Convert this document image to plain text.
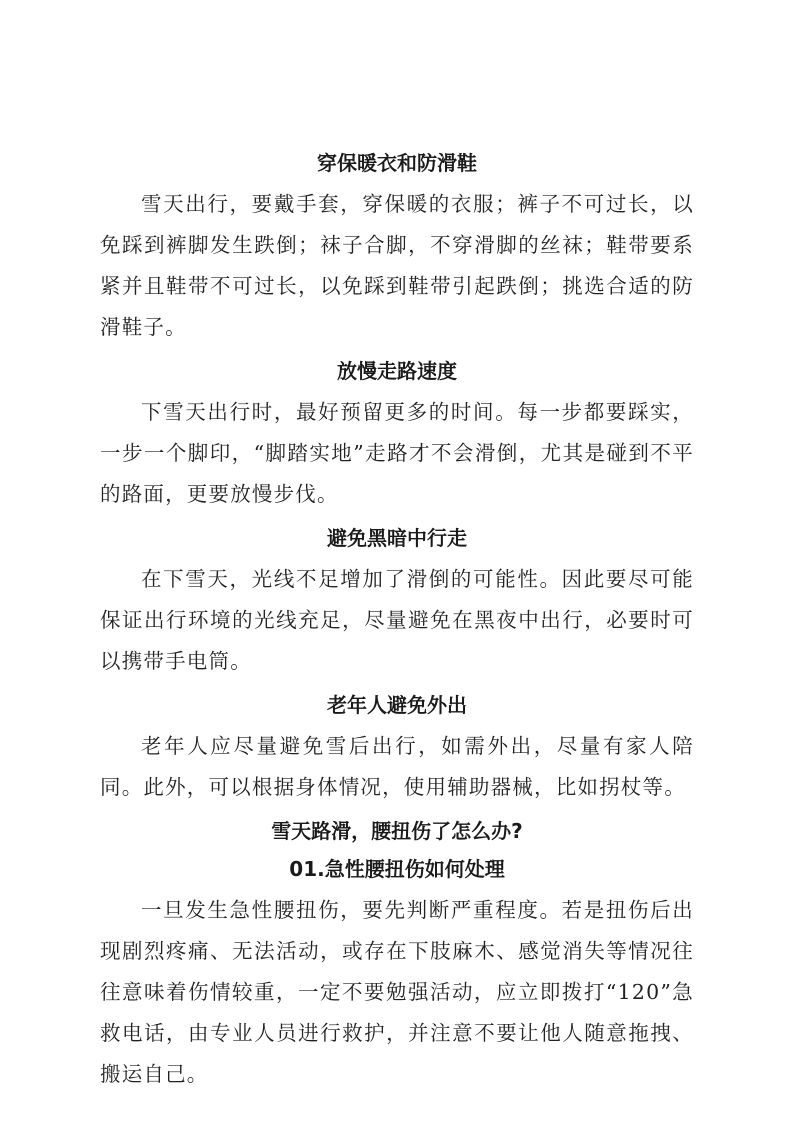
穿保暖衣和防滑鞋

雪天出行，要戴手套，穿保暖的衣服；裤子不可过长，以免踩到裤脚发生跌倒；袜子合脚，不穿滑脚的丝袜；鞋带要系紧并且鞋带不可过长，以免踩到鞋带引起跌倒；挑选合适的防滑鞋子。

放慢走路速度

下雪天出行时，最好预留更多的时间。每一步都要踩实，一步一个脚印，“脚踏实地”走路才不会滑倒，尤其是碰到不平的路面，更要放慢步伐。

避免黑暗中行走

在下雪天，光线不足增加了滑倒的可能性。因此要尽可能保证出行环境的光线充足，尽量避免在黑夜中出行，必要时可以携带手电筒。

老年人避免外出

老年人应尽量避免雪后出行，如需外出，尽量有家人陪同。此外，可以根据身体情况，使用辅助器械，比如拐杖等。

雪天路滑，腰扭伤了怎么办?
01.急性腰扭伤如何处理

一旦发生急性腰扭伤，要先判断严重程度。若是扭伤后出现剧烈疼痛、无法活动，或存在下肢麻木、感觉消失等情况往往意味着伤情较重，一定不要勉强活动，应立即拨打“120”急救电话，由专业人员进行救护，并注意不要让他人随意拖拽、搬运自己。
